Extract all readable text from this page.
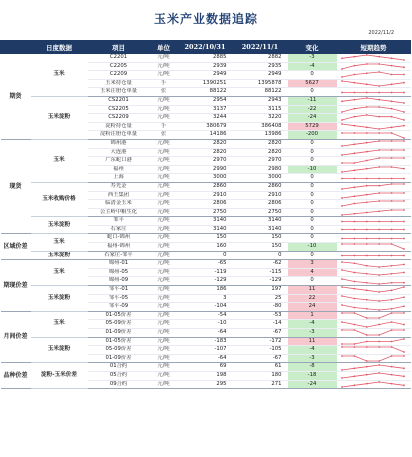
玉米产业数据追踪
2022/11/2
	日度数据	项目	单位	2022/10/31	2022/11/1	变化	短期趋势
期货	玉米	C2201	元/吨	2885	2882	-3	

		C2205	元/吨	2939	2935	-4	

		C2209	元/吨	2949	2949	0	

		玉米持仓量	手	1390251	1395878	5627	

		玉米注册仓单量	张	88122	88122	0	

	玉米淀粉	CS2201	元/吨	2954	2943	-11	

		CS2205	元/吨	3137	3115	-22	

		CS2209	元/吨	3244	3220	-24	

		淀粉持仓量	手	380679	386408	5729	

		淀粉注册仓单量	张	14186	13986	-200	

现货	玉米	锦州港	元/吨	2820	2820	0	

		大连港	元/吨	2820	2820	0	

		广东蛇口港	元/吨	2970	2970	0	

		福州	元/吨	2990	2980	-10	

		上海	元/吨	3000	3000	0	

	玉米收购价格	寿光金	元/吨	2860	2860	0	

		西王集团	元/吨	2910	2910	0	

		临清金玉米	元/吨	2806	2806	0	

		公主岭中粮生化	元/吨	2750	2750	0	

	玉米淀粉	邹平	元/吨	3140	3140	0	

		石家庄	元/吨	3140	3140	0	

区域价差	玉米	蛇口-锦州	元/吨	150	150	0	

		福州-锦州	元/吨	160	150	-10	

	玉米淀粉	石家庄-邹平	元/吨	0	0	0	

期现价差	玉米	锦州-01	元/吨	-65	-62	3	

		锦州-05	元/吨	-119	-115	4	

		锦州-09	元/吨	-129	-129	0	

	玉米淀粉	邹平-01	元/吨	186	197	11	

		邹平-05	元/吨	3	25	22	

		邹平-09	元/吨	-104	-80	24	

月间价差	玉米	01-05价差	元/吨	-54	-53	1	

		05-09价差	元/吨	-10	-14	-4	

		01-09价差	元/吨	-64	-67	-3	

	玉米淀粉	01-05价差	元/吨	-183	-172	11	

		05-09价差	元/吨	-107	-105	-4	

		01-09价差	元/吨	-64	-67	-3	

品种价差	淀粉-玉米价差	01合约	元/吨	69	61	-8	

		05合约	元/吨	198	180	-18	

		09合约	元/吨	295	271	-24	
